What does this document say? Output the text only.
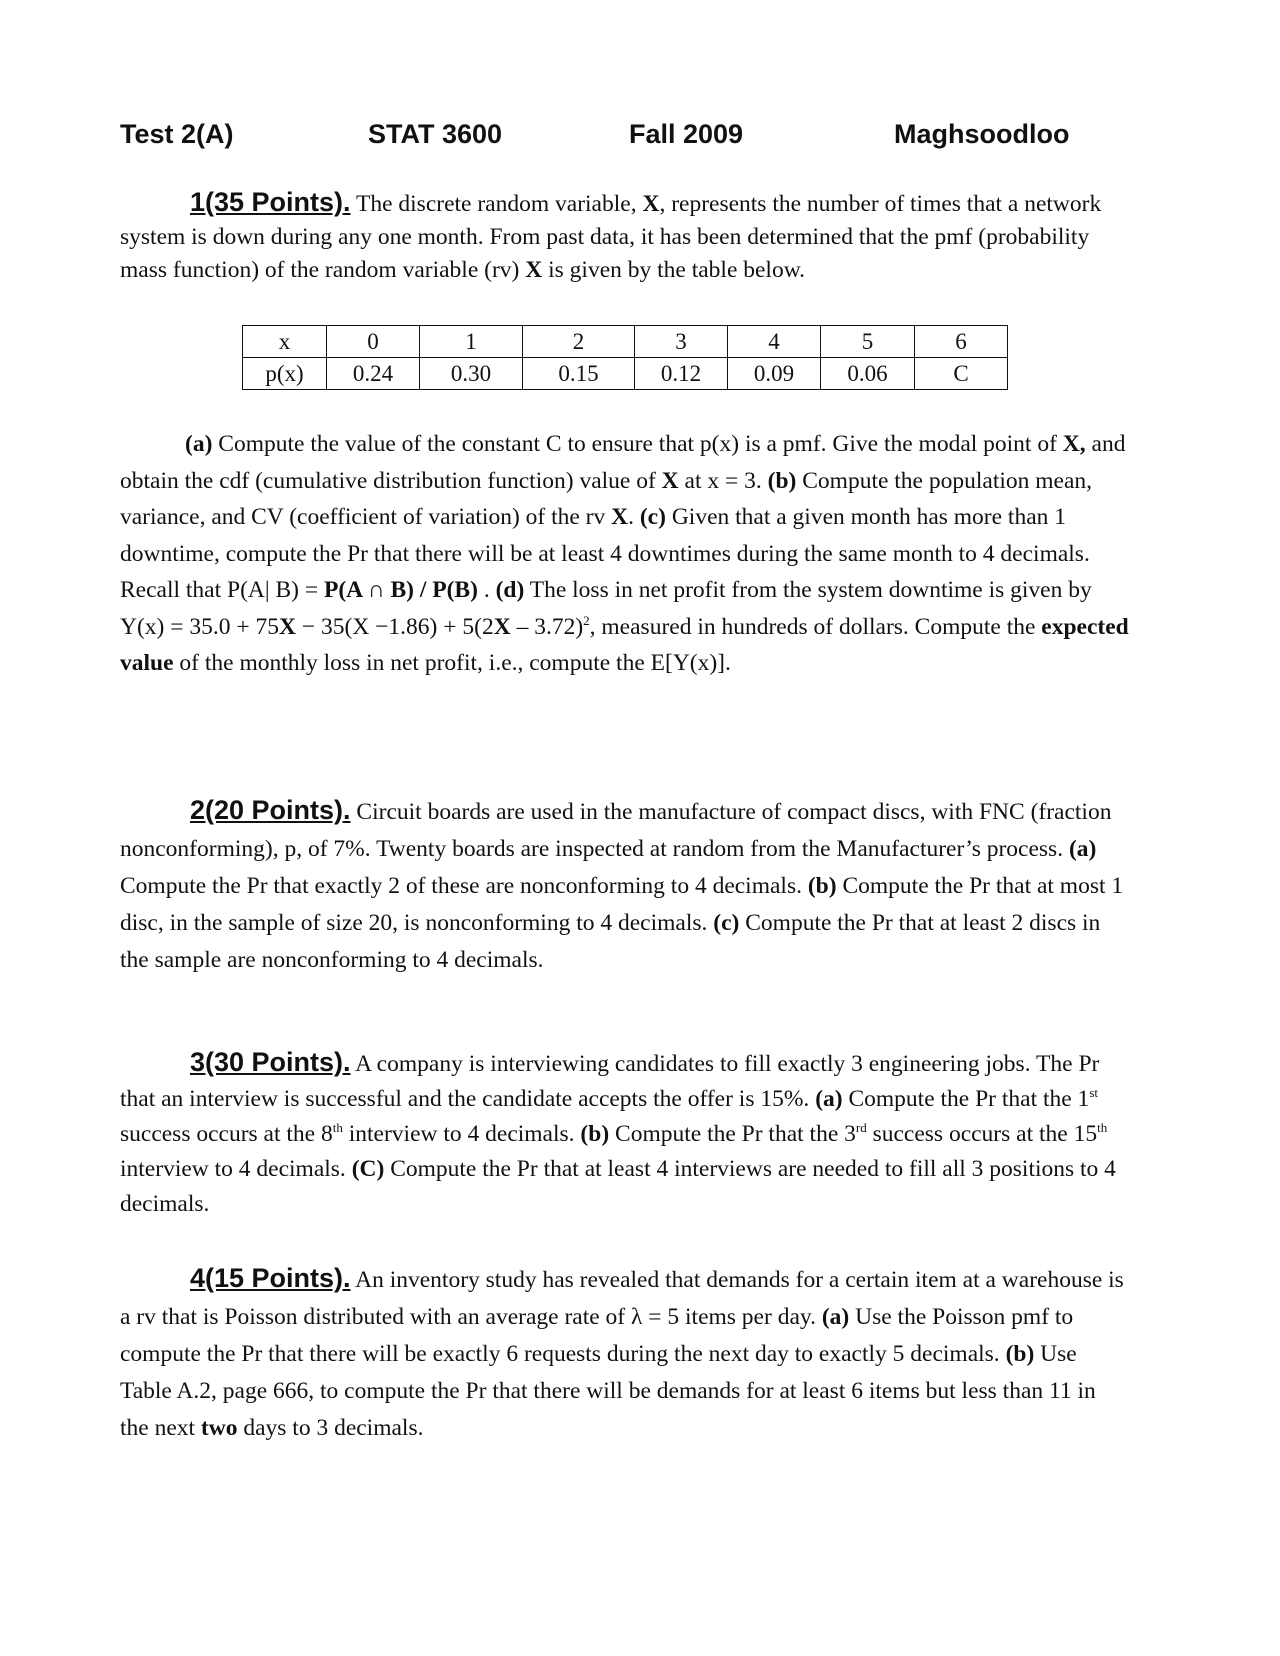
Test 2(A)	STAT 3600	Fall 2009	Maghsoodloo

1(35 Points). The discrete random variable, X, represents the number of times that a network system is down during any one month. From past data, it has been determined that the pmf (probability mass function) of the random variable (rv) X is given by the table below.

x	0	1	2	3	4	5	6
p(x)	0.24	0.30	0.15	0.12	0.09	0.06	C

(a) Compute the value of the constant C to ensure that p(x) is a pmf. Give the modal point of X, and obtain the cdf (cumulative distribution function) value of X at x = 3. (b) Compute the population mean, variance, and CV (coefficient of variation) of the rv X. (c) Given that a given month has more than 1 downtime, compute the Pr that there will be at least 4 downtimes during the same month to 4 decimals. Recall that P(A| B) = P(A ∩ B) / P(B) . (d) The loss in net profit from the system downtime is given by Y(x) = 35.0 + 75X − 35(X −1.86) + 5(2X – 3.72)$^2$, measured in hundreds of dollars. Compute the expected value of the monthly loss in net profit, i.e., compute the E[Y(x)].

2(20 Points). Circuit boards are used in the manufacture of compact discs, with FNC (fraction nonconforming), p, of 7%. Twenty boards are inspected at random from the Manufacturer’s process. (a) Compute the Pr that exactly 2 of these are nonconforming to 4 decimals. (b) Compute the Pr that at most 1 disc, in the sample of size 20, is nonconforming to 4 decimals. (c) Compute the Pr that at least 2 discs in the sample are nonconforming to 4 decimals.

3(30 Points). A company is interviewing candidates to fill exactly 3 engineering jobs. The Pr that an interview is successful and the candidate accepts the offer is 15%. (a) Compute the Pr that the 1st success occurs at the 8th interview to 4 decimals. (b) Compute the Pr that the 3rd success occurs at the 15th interview to 4 decimals. (C) Compute the Pr that at least 4 interviews are needed to fill all 3 positions to 4 decimals.

4(15 Points). An inventory study has revealed that demands for a certain item at a warehouse is a rv that is Poisson distributed with an average rate of λ = 5 items per day. (a) Use the Poisson pmf to compute the Pr that there will be exactly 6 requests during the next day to exactly 5 decimals. (b) Use Table A.2, page 666, to compute the Pr that there will be demands for at least 6 items but less than 11 in the next two days to 3 decimals.
